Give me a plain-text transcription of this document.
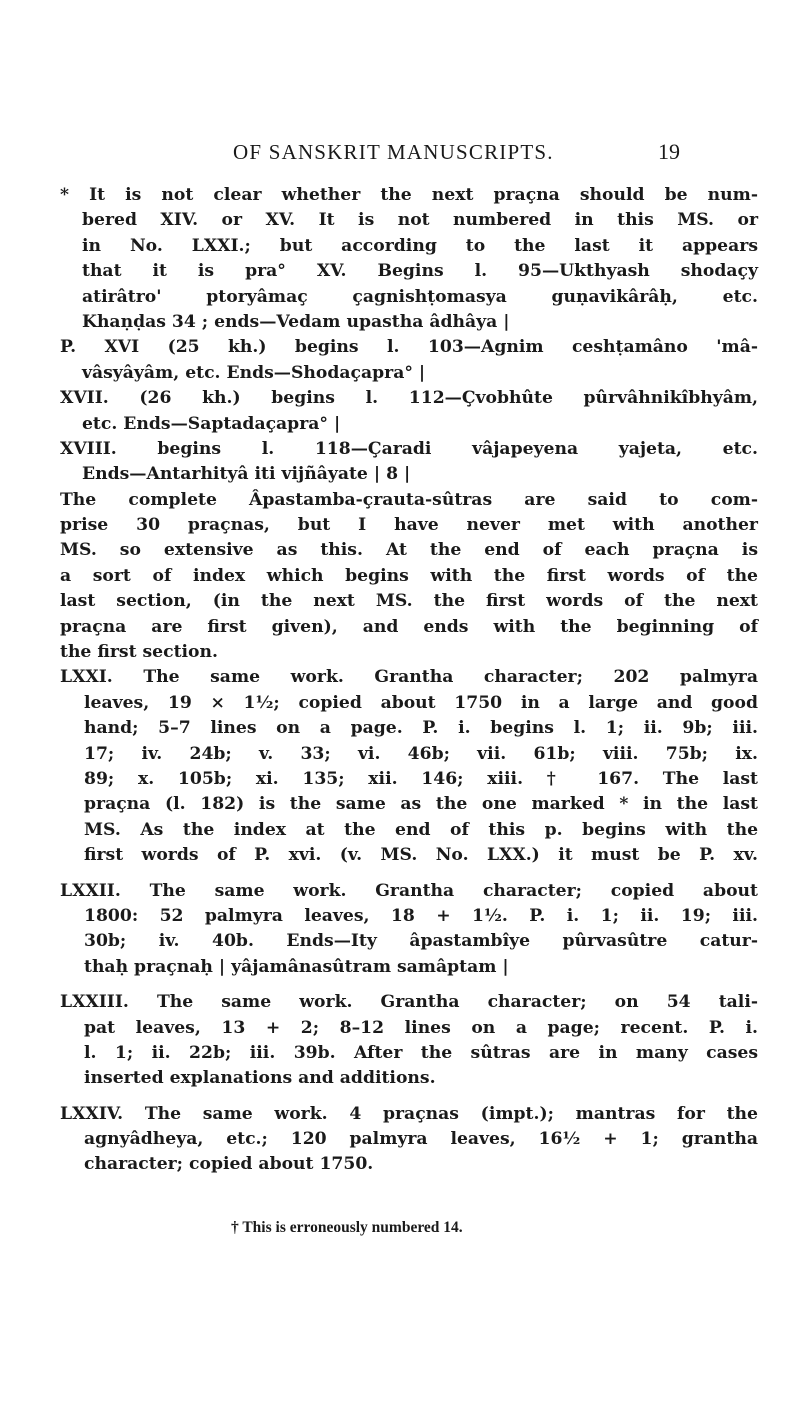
OF SANSKRIT MANUSCRIPTS.	19
* It is not clear whether the next praçna should be num-
bered XIV. or XV. It is not numbered in this MS. or
in No. LXXI.; but according to the last it appears
that it is pra° XV. Begins l. 95—Ukthyash shodaçy
atirâtro' ptoryâmaç çagnishṭomasya guṇavikârâḥ, etc.
Khaṇḍas 34 ; ends—Vedam upastha âdhâya |
P. XVI (25 kh.) begins l. 103—Agnim ceshṭamâno 'mâ-
vâsyâyâm, etc. Ends—Shodaçapra° |
XVII. (26 kh.) begins l. 112—Çvobhûte pûrvâhnikîbhyâm,
etc. Ends—Saptadaçapra° |
XVIII. begins l. 118—Çaradi vâjapeyena yajeta, etc.
Ends—Antarhityâ iti vijñâyate | 8 |
The complete Âpastamba-çrauta-sûtras are said to com-
prise 30 praçnas, but I have never met with another
MS. so extensive as this. At the end of each praçna is
a sort of index which begins with the first words of the
last section, (in the next MS. the first words of the next
praçna are first given), and ends with the beginning of
the first section.
LXXI. The same work. Grantha character; 202 palmyra
leaves, 19 × 1½; copied about 1750 in a large and good
hand; 5–7 lines on a page. P. i. begins l. 1; ii. 9b; iii.
17; iv. 24b; v. 33; vi. 46b; vii. 61b; viii. 75b; ix.
89; x. 105b; xi. 135; xii. 146; xiii. † 167. The last
praçna (l. 182) is the same as the one marked * in the last
MS. As the index at the end of this p. begins with the
first words of P. xvi. (v. MS. No. LXX.) it must be P. xv.
LXXII. The same work. Grantha character; copied about
1800: 52 palmyra leaves, 18 + 1½. P. i. 1; ii. 19; iii.
30b; iv. 40b. Ends—Ity âpastambîye pûrvasûtre catur-
thaḥ praçnaḥ | yâjamânasûtram samâptam |
LXXIII. The same work. Grantha character; on 54 tali-
pat leaves, 13 + 2; 8–12 lines on a page; recent. P. i.
l. 1; ii. 22b; iii. 39b. After the sûtras are in many cases
inserted explanations and additions.
LXXIV. The same work. 4 praçnas (impt.); mantras for the
agnyâdheya, etc.; 120 palmyra leaves, 16½ + 1; grantha
character; copied about 1750.
† This is erroneously numbered 14.
